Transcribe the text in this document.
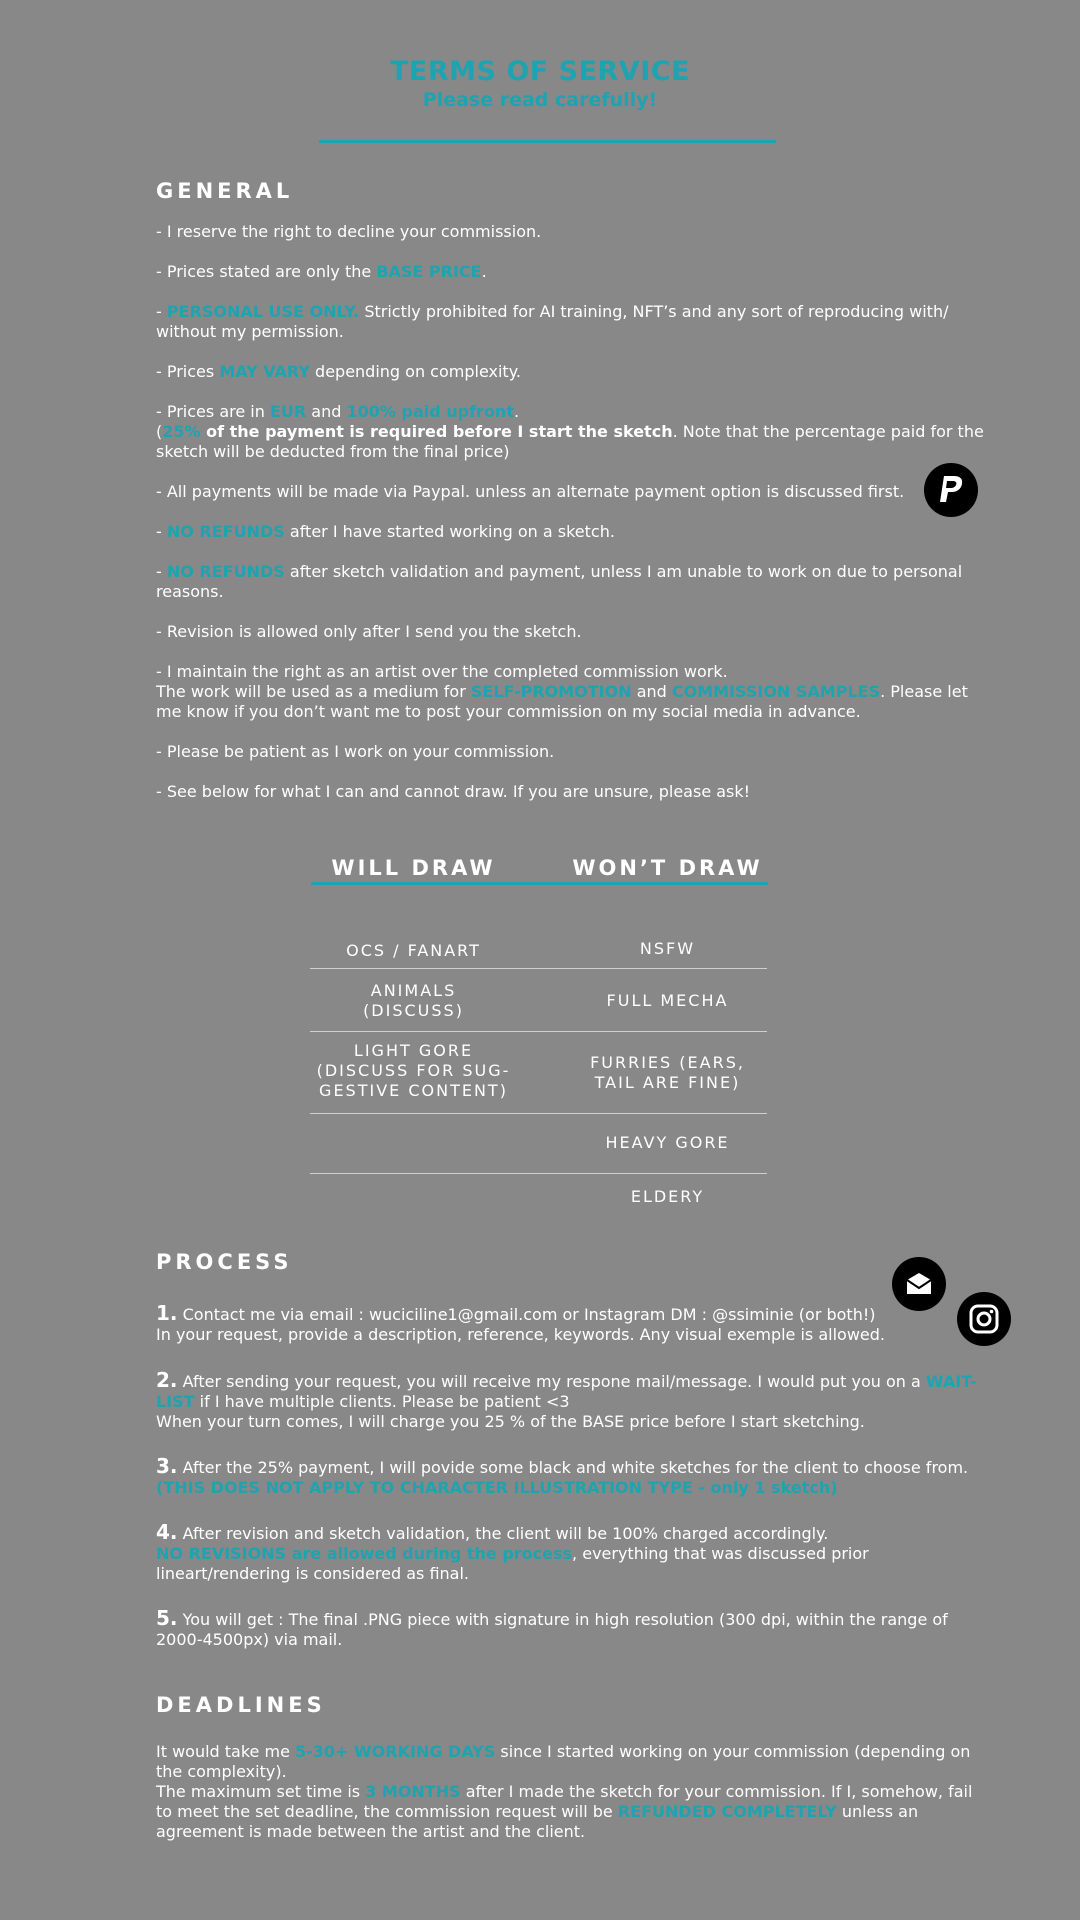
TERMS OF SERVICE
Please read carefully!
GENERAL

- I reserve the right to decline your commission.

- Prices stated are only the BASE PRICE.

- PERSONAL USE ONLY. Strictly prohibited for AI training, NFT’s and any sort of reproducing with/ without my permission.

- Prices MAY VARY depending on complexity.

- Prices are in EUR and 100% paid upfront.
(25% of the payment is required before I start the sketch. Note that the percentage paid for the sketch will be deducted from the final price)

- All payments will be made via Paypal. unless an alternate payment option is discussed first.

- NO REFUNDS after I have started working on a sketch.

- NO REFUNDS after sketch validation and payment, unless I am unable to work on due to personal reasons.

- Revision is allowed only after I send you the sketch.

- I maintain the right as an artist over the completed commission work.
The work will be used as a medium for SELF-PROMOTION and COMMISSION SAMPLES. Please let me know if you don’t want me to post your commission on my social media in advance.

- Please be patient as I work on your commission.

- See below for what I can and cannot draw. If you are unsure, please ask!

WILL DRAW	WON’T DRAW
OCS / FANART
ANIMALS
(DISCUSS)
LIGHT GORE
(DISCUSS FOR SUG-
GESTIVE CONTENT)
NSFW
FULL MECHA
FURRIES (EARS,
TAIL ARE FINE)
HEAVY GORE
ELDERY
PROCESS

1. Contact me via email : wuciciline1@gmail.com or Instagram DM : @ssiminie (or both!)
In your request, provide a description, reference, keywords. Any visual exemple is allowed.

2. After sending your request, you will receive my respone mail/message. I would put you on a WAIT-LIST if I have multiple clients. Please be patient <3
When your turn comes, I will charge you 25 % of the BASE price before I start sketching.

3. After the 25% payment, I will povide some black and white sketches for the client to choose from.
(THIS DOES NOT APPLY TO CHARACTER ILLUSTRATION TYPE - only 1 sketch)

4. After revision and sketch validation, the client will be 100% charged accordingly.
NO REVISIONS are allowed during the process, everything that was discussed prior lineart/rendering is considered as final.

5. You will get : The final .PNG piece with signature in high resolution (300 dpi, within the range of 2000-4500px) via mail.

DEADLINES

It would take me 5-30+ WORKING DAYS since I started working on your commission (depending on the complexity).
The maximum set time is 3 MONTHS after I made the sketch for your commission. If I, somehow, fail to meet the set deadline, the commission request will be REFUNDED COMPLETELY unless an agreement is made between the artist and the client.
